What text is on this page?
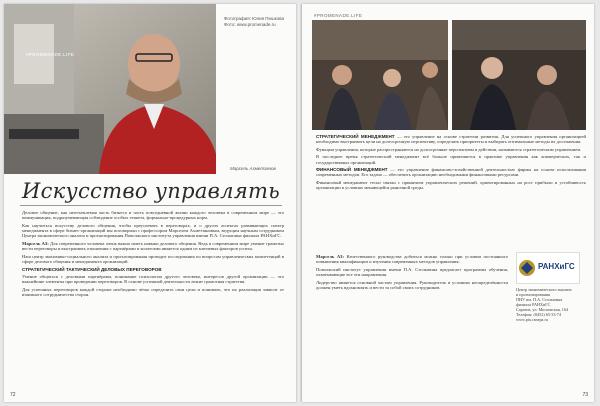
#PROMENADE.LIFE
Фотография: Юлия Пешкова
Фото: www.promenade.ru
Марсель Ахметзянов
Искусство управлять

Деловое общение, как неотъемлемая часть бизнеса и часть повседневной жизни каждого человека в современном мире — это коммуникация, подразумевающая соблюдение особых этикета, формально-процедурных норм.

Как научиться искусству делового общения, чтобы преуспевать в переговорах, и о других аспектах развивающих спектр менеджмента в сфере бизнес-организаций мы поговорили с профессором Марселем Ахметзяновым, ведущим научным сотрудником Центра экономического анализа и прогнозирования Поволжского института управления имени П.А. Столыпина филиала РАНХиГС.

Марсель АЗ: Для современного человека очень важно иметь навыки делового общения. Ведь в современном мире умение грамотно вести переговоры и выстраивать отношения с партнёрами и коллегами является одним из ключевых факторов успеха.

Наш центр экономико-социального анализа и прогнозирования проводит исследования по вопросам управленческих компетенций в сфере делового общения и менеджмента организаций.

СТРАТЕГИЧЕСКИЙ ТАКТИЧЕСКИЙ ДЕЛОВЫХ ПЕРЕГОВОРОВ

Умение общаться с деловыми партнёрами, понимание психологии другого человека, интересов другой организации — это важнейшие элементы при проведении переговоров. В основе успешной деятельности лежит грамотная стратегия.

Для успешных переговоров каждой стороне необходимо чётко определить свои цели и понимать, что их реализация зависит от взаимного сотрудничества сторон.

72
#PROMENADE.LIFE

СТРАТЕГИЧЕСКИЙ МЕНЕДЖМЕНТ — это управление на основе стратегии развития. Для успешного управления организацией необходимо выстраивать цели на долгосрочную перспективу, определять приоритеты и выбирать оптимальные методы их достижения.

Функции управления, которые распространяются на долгосрочные перспективы в действии, называются стратегическим управлением.

В последнее время стратегический менеджмент всё больше применяется в практике управления как коммерческих, так и государственных организаций.

ФИНАНСОВЫЙ МЕНЕДЖМЕНТ — это управление финансово-хозяйственной деятельностью фирмы на основе использования современных методов. Его задача — обеспечить организацию необходимыми финансовыми ресурсами.

Финансовый менеджмент тесно связан с принятием управленческих решений, ориентированных на рост прибыли и устойчивость организации в условиях меняющейся рыночной среды.

Марсель АЗ: Качественного руководства добиться можно только при условии постоянного повышения квалификации и изучения современных методов управления.

Поволжский институт управления имени П.А. Столыпина предлагает программы обучения, охватывающие все эти направления.

Лидерство является основной частью управления. Руководитель в условиях неопределённости должен уметь вдохновлять и вести за собой своих сотрудников.

РАНХиГС
Центр экономического анализа
и прогнозирования
ПИУ им. П.А. Столыпина
филиала РАНХиГС
Саратов, ул. Московская, 164
Телефон: (8452) 65-33-74
www.piu.ranepa.ru
73
